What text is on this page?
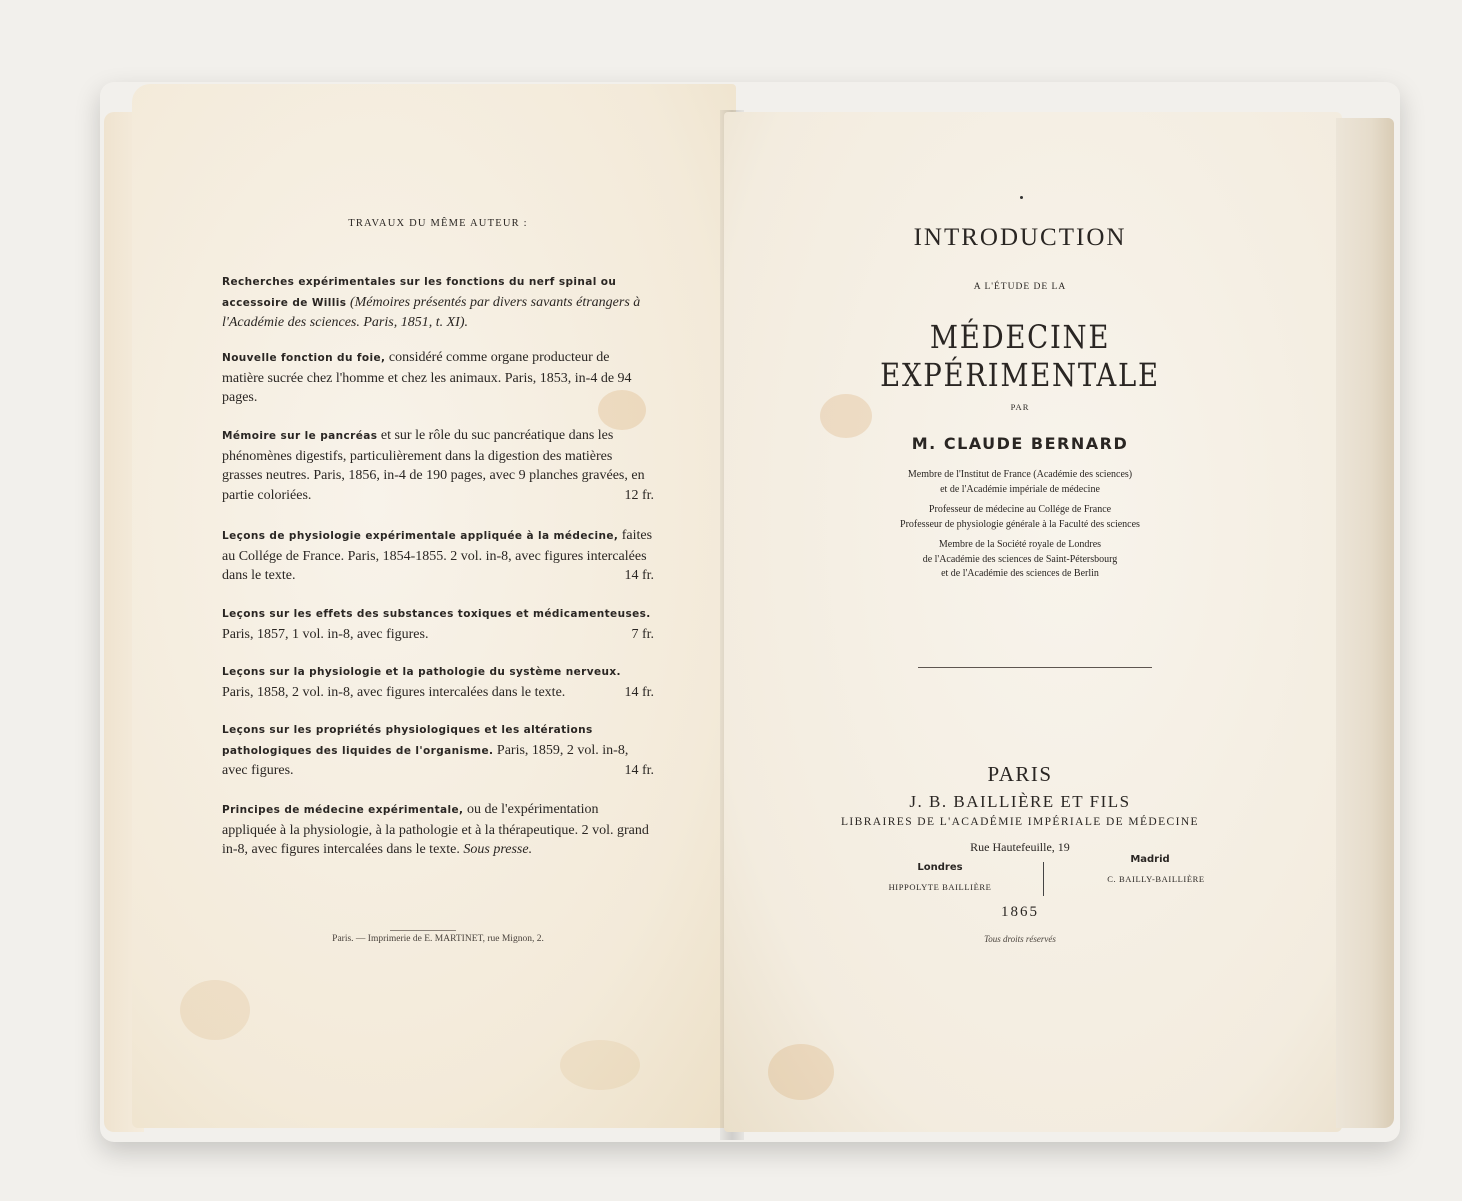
TRAVAUX DU MÊME AUTEUR :
Recherches expérimentales sur les fonctions du nerf spinal ou accessoire de Willis (Mémoires présentés par divers savants étrangers à l'Académie des sciences. Paris, 1851, t. XI).
Nouvelle fonction du foie, considéré comme organe producteur de matière sucrée chez l'homme et chez les animaux. Paris, 1853, in-4 de 94 pages.
Mémoire sur le pancréas et sur le rôle du suc pancréatique dans les phénomènes digestifs, particulièrement dans la digestion des matières grasses neutres. Paris, 1856, in-4 de 190 pages, avec 9 planches gravées, en partie coloriées.	12 fr.
Leçons de physiologie expérimentale appliquée à la médecine, faites au Collége de France. Paris, 1854-1855. 2 vol. in-8, avec figures intercalées dans le texte.	14 fr.
Leçons sur les effets des substances toxiques et médicamenteuses. Paris, 1857, 1 vol. in-8, avec figures.	7 fr.
Leçons sur la physiologie et la pathologie du système nerveux. Paris, 1858, 2 vol. in-8, avec figures intercalées dans le texte.	14 fr.
Leçons sur les propriétés physiologiques et les altérations pathologiques des liquides de l'organisme. Paris, 1859, 2 vol. in-8, avec figures.	14 fr.
Principes de médecine expérimentale, ou de l'expérimentation appliquée à la physiologie, à la pathologie et à la thérapeutique. 2 vol. grand in-8, avec figures intercalées dans le texte. Sous presse.
Paris. — Imprimerie de E. MARTINET, rue Mignon, 2.
INTRODUCTION
A L'ÉTUDE DE LA
MÉDECINE EXPÉRIMENTALE
PAR
M. CLAUDE BERNARD
Membre de l'Institut de France (Académie des sciences)
et de l'Académie impériale de médecine
Professeur de médecine au Collége de France
Professeur de physiologie générale à la Faculté des sciences
Membre de la Société royale de Londres
de l'Académie des sciences de Saint-Pétersbourg
et de l'Académie des sciences de Berlin
PARIS
J. B. BAILLIÈRE ET FILS
LIBRAIRES DE L'ACADÉMIE IMPÉRIALE DE MÉDECINE
Rue Hautefeuille, 19
Londres
HIPPOLYTE BAILLIÈRE
Madrid
C. BAILLY-BAILLIÈRE
1865
Tous droits réservés
